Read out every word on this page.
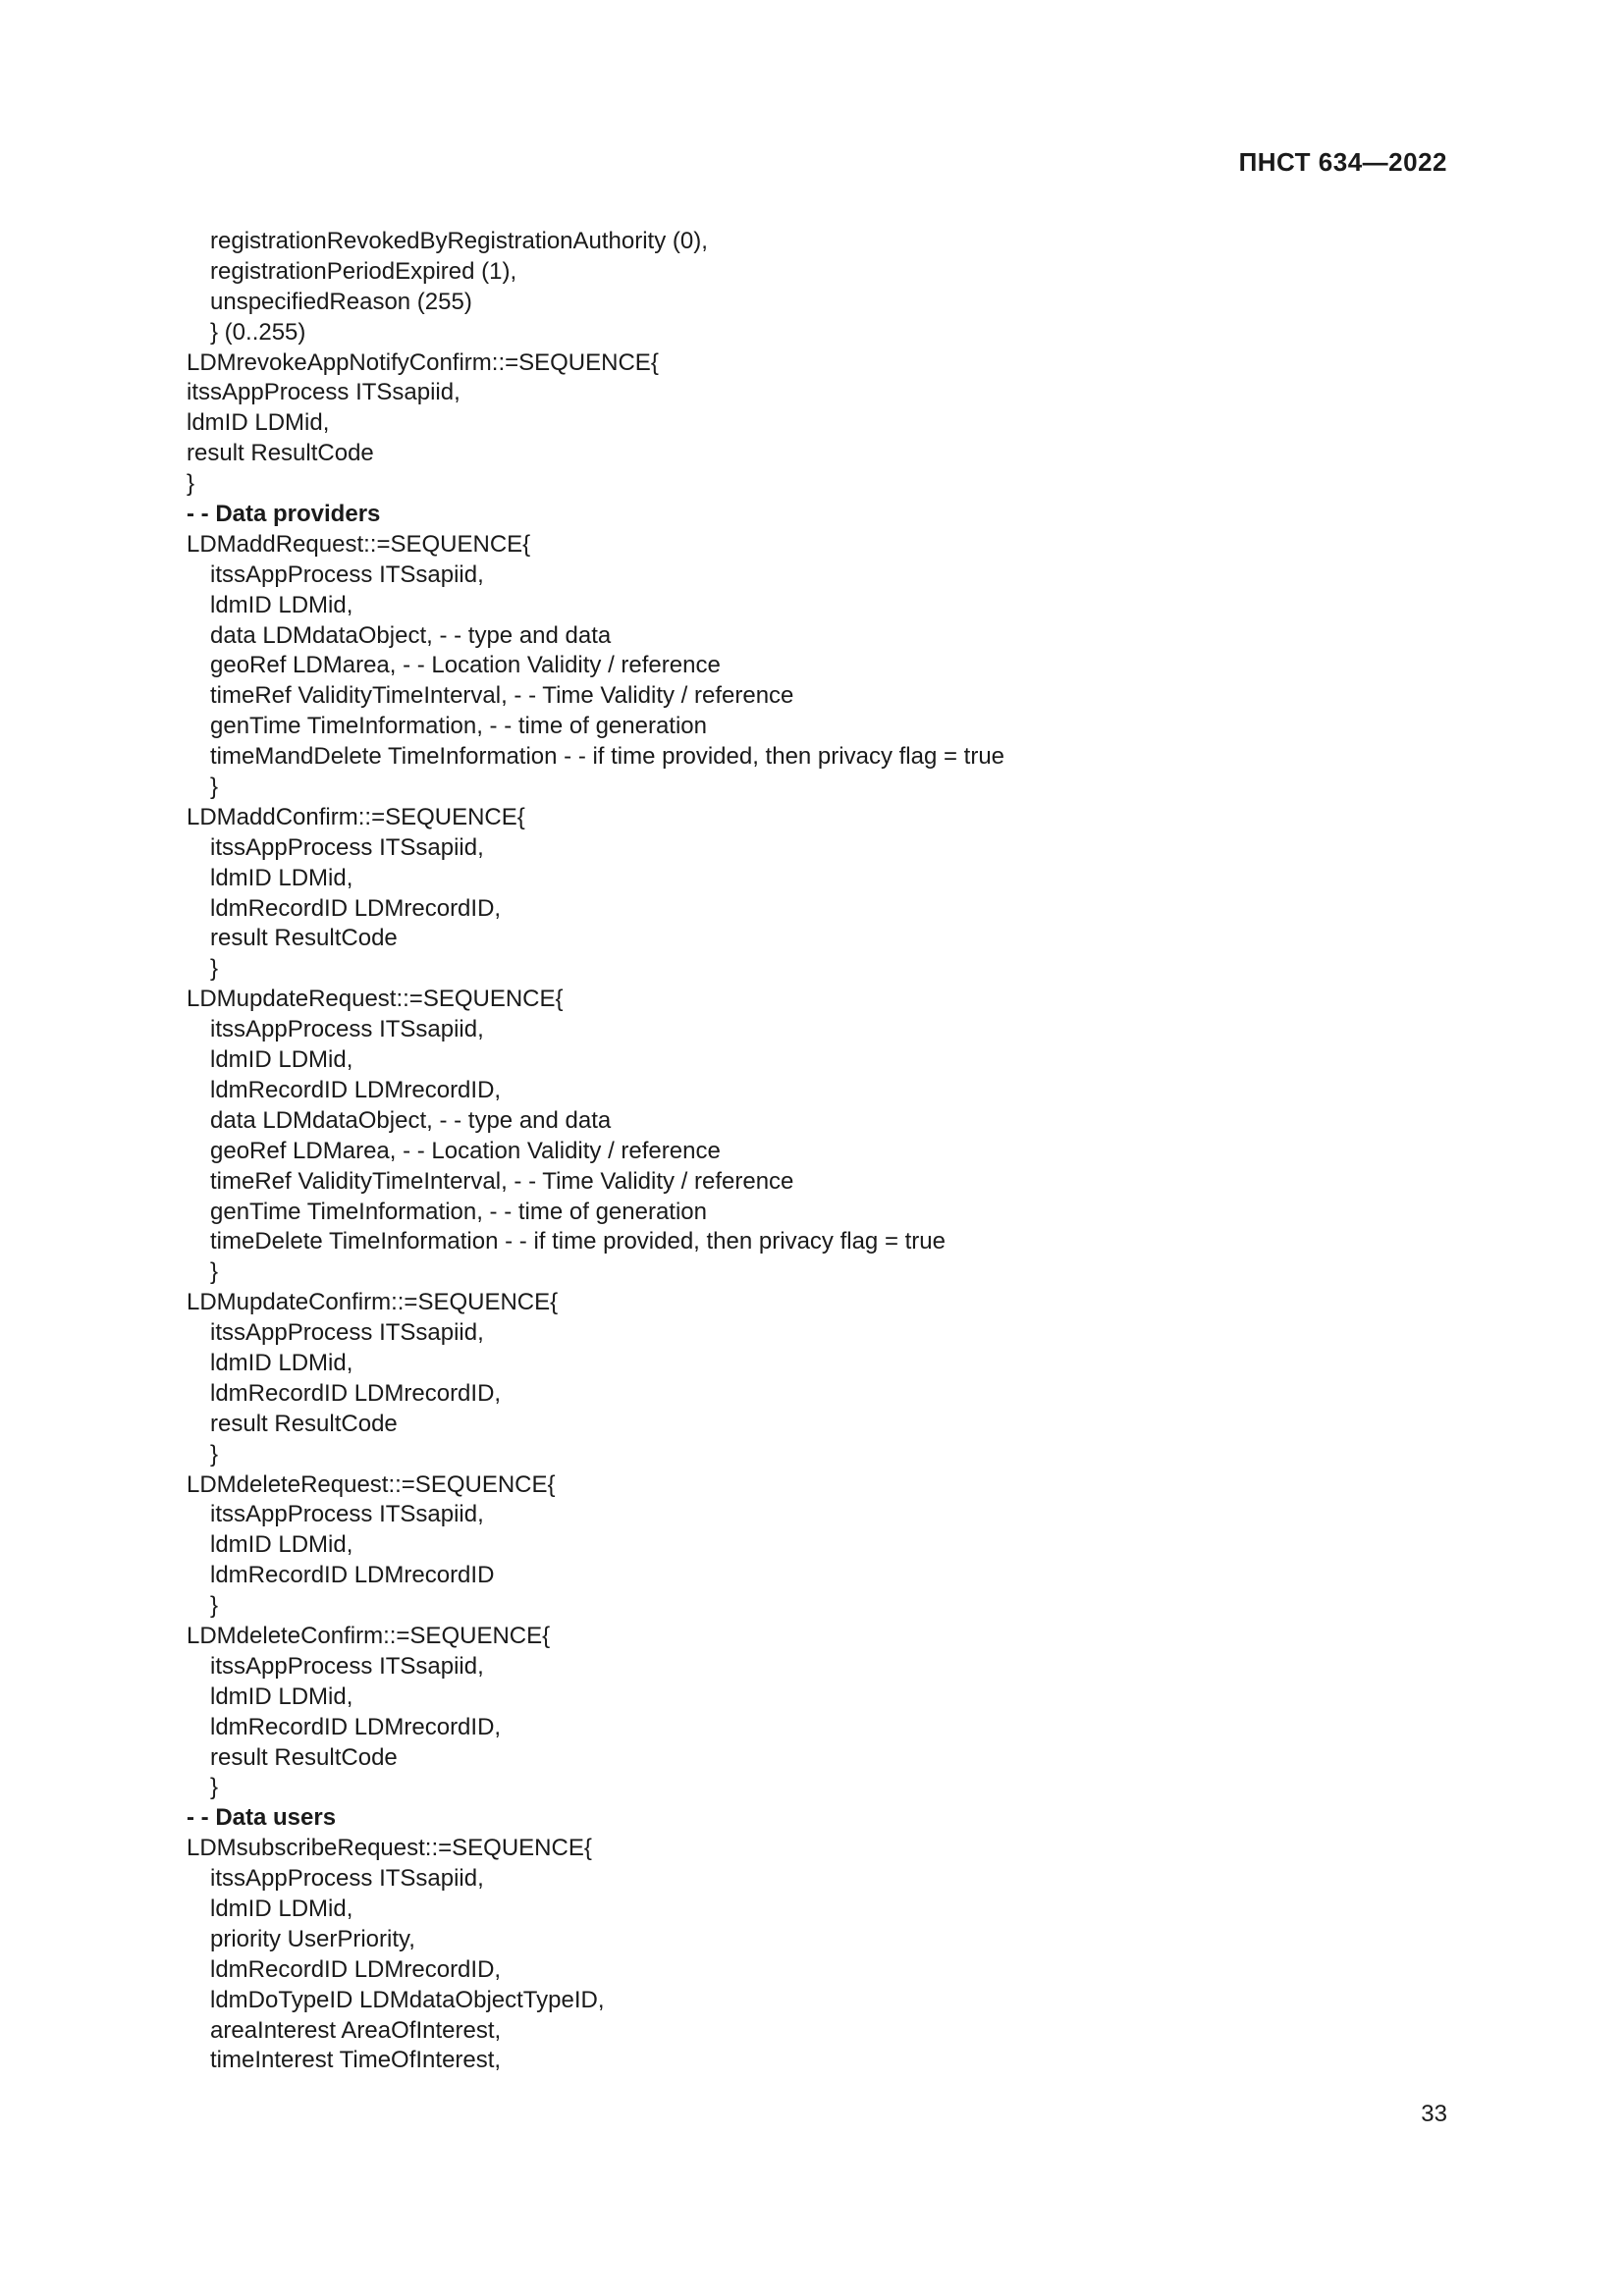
ПНСТ 634—2022
registrationRevokedByRegistrationAuthority (0),
registrationPeriodExpired (1),
unspecifiedReason (255)
} (0..255)
LDMrevokeAppNotifyConfirm::=SEQUENCE{
itssAppProcess ITSsapiid,
ldmID LDMid,
result ResultCode
}
- - Data providers
LDMaddRequest::=SEQUENCE{
itssAppProcess ITSsapiid,
ldmID LDMid,
data LDMdataObject, - - type and data
geoRef LDMarea, - - Location Validity / reference
timeRef ValidityTimeInterval, - - Time Validity / reference
genTime TimeInformation, - - time of generation
timeMandDelete TimeInformation - - if time provided, then privacy flag = true
}
LDMaddConfirm::=SEQUENCE{
itssAppProcess ITSsapiid,
ldmID LDMid,
ldmRecordID LDMrecordID,
result ResultCode
}
LDMupdateRequest::=SEQUENCE{
itssAppProcess ITSsapiid,
ldmID LDMid,
ldmRecordID LDMrecordID,
data LDMdataObject, - - type and data
geoRef LDMarea, - - Location Validity / reference
timeRef ValidityTimeInterval, - - Time Validity / reference
genTime TimeInformation, - - time of generation
timeDelete TimeInformation - - if time provided, then privacy flag = true
}
LDMupdateConfirm::=SEQUENCE{
itssAppProcess ITSsapiid,
ldmID LDMid,
ldmRecordID LDMrecordID,
result ResultCode
}
LDMdeleteRequest::=SEQUENCE{
itssAppProcess ITSsapiid,
ldmID LDMid,
ldmRecordID LDMrecordID
}
LDMdeleteConfirm::=SEQUENCE{
itssAppProcess ITSsapiid,
ldmID LDMid,
ldmRecordID LDMrecordID,
result ResultCode
}
- - Data users
LDMsubscribeRequest::=SEQUENCE{
itssAppProcess ITSsapiid,
ldmID LDMid,
priority UserPriority,
ldmRecordID LDMrecordID,
ldmDoTypeID LDMdataObjectTypeID,
areaInterest AreaOfInterest,
timeInterest TimeOfInterest,
33
